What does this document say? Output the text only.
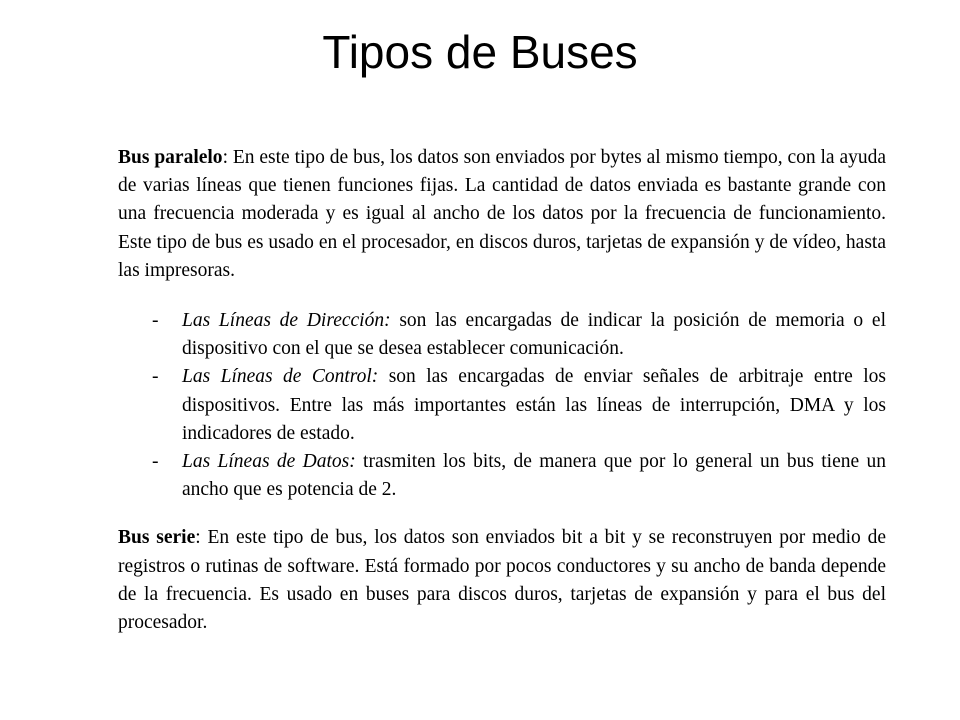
Tipos de Buses

Bus paralelo: En este tipo de bus, los datos son enviados por bytes al mismo tiempo, con la ayuda de varias líneas que tienen funciones fijas. La cantidad de datos enviada es bastante grande con una frecuencia moderada y es igual al ancho de los datos por la frecuencia de funcionamiento. Este tipo de bus es usado en el procesador, en discos duros, tarjetas de expansión y de vídeo, hasta las impresoras.

- Las Líneas de Dirección: son las encargadas de indicar la posición de memoria o el dispositivo con el que se desea establecer comunicación.
- Las Líneas de Control: son las encargadas de enviar señales de arbitraje entre los dispositivos. Entre las más importantes están las líneas de interrupción, DMA y los indicadores de estado.
- Las Líneas de Datos: trasmiten los bits, de manera que por lo general un bus tiene un ancho que es potencia de 2.

Bus serie: En este tipo de bus, los datos son enviados bit a bit y se reconstruyen por medio de registros o rutinas de software. Está formado por pocos conductores y su ancho de banda depende de la frecuencia. Es usado en buses para discos duros, tarjetas de expansión y para el bus del procesador.
